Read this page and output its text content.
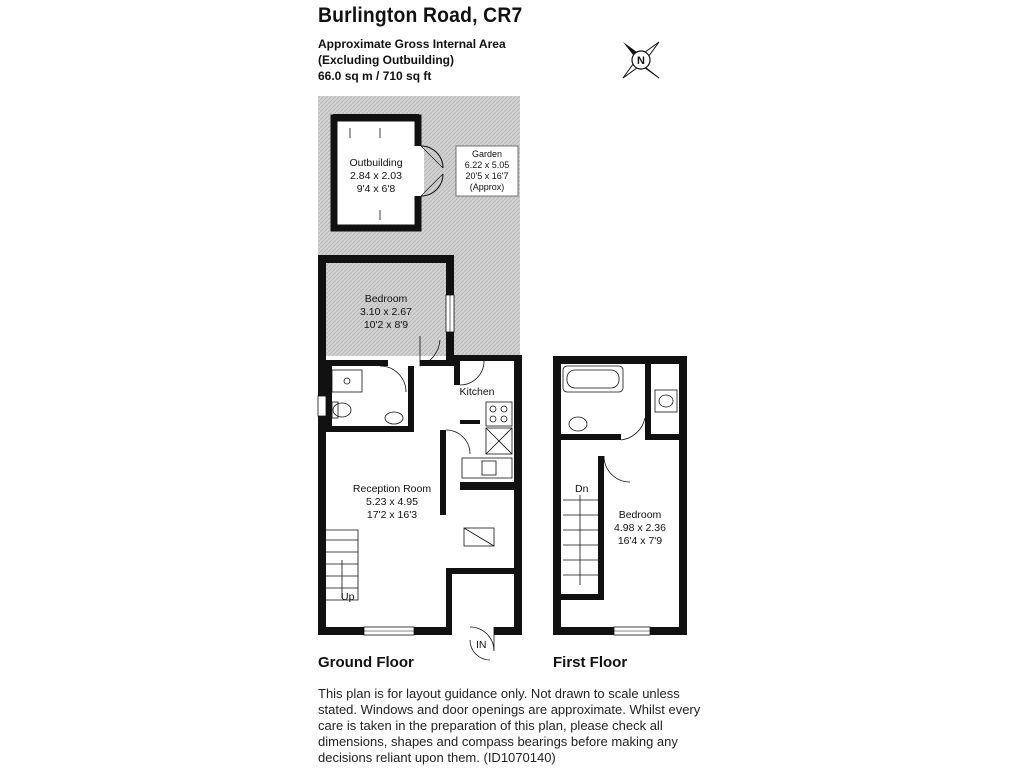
Burlington Road, CR7
Approximate Gross Internal Area
(Excluding Outbuilding)
66.0 sq m / 710 sq ft
N
Outbuilding
2.84 x 2.03
9'4 x 6'8
Garden
6.22 x 5.05
20'5 x 16'7
(Approx)
Bedroom
3.10 x 2.67
10'2 x 8'9
Kitchen
Reception Room
5.23 x 4.95
17'2 x 16'3
Up
IN
Dn
Bedroom
4.98 x 2.36
16'4 x 7'9
Ground Floor	First Floor
This plan is for layout guidance only. Not drawn to scale unless stated. Windows and door openings are approximate. Whilst every care is taken in the preparation of this plan, please check all dimensions, shapes and compass bearings before making any decisions reliant upon them. (ID1070140)
